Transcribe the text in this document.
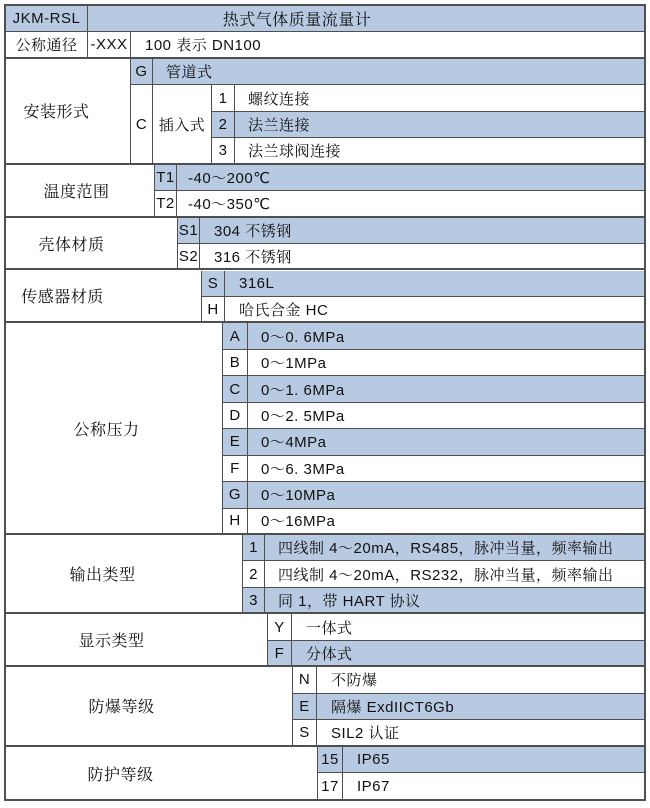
JKM-RSL	热式气体质量流量计
公称通径 -XXX	100 表示 DN100
安装形式
G	管道式
C 插入式
1	螺纹连接
2	法兰连接
3	法兰球阀连接
温度范围
T1 -40～200℃
T2 -40～350℃
壳体材质
S1	304 不锈钢
S2	316 不锈钢
传感器材质
S	316L
H	哈氏合金 HC
公称压力
A	0～0. 6MPa
B	0～1MPa
C	0～1. 6MPa
D	0～2. 5MPa
E	0～4MPa
F	0～6. 3MPa
G	0～10MPa
H	0～16MPa
输出类型
1	四线制 4～20mA，RS485，脉冲当量，频率输出
2	四线制 4～20mA，RS232，脉冲当量，频率输出
3	同 1，带 HART 协议
显示类型
Y	一体式
F	分体式
防爆等级
N	不防爆
E	隔爆 ExdIICT6Gb
S	SIL2 认证
防护等级
15	IP65
17	IP67
